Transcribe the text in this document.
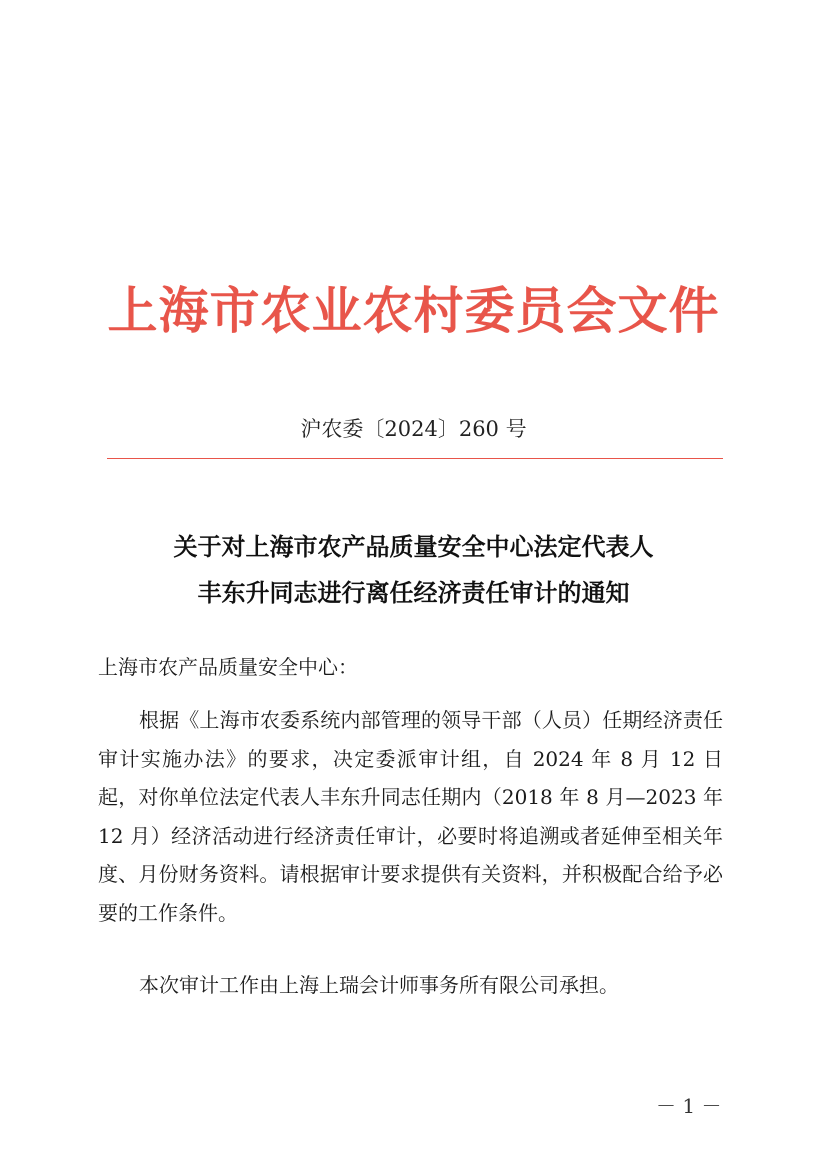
上海市农业农村委员会文件
沪农委〔2024〕260 号
关于对上海市农产品质量安全中心法定代表人
丰东升同志进行离任经济责任审计的通知
上海市农产品质量安全中心：
根据《上海市农委系统内部管理的领导干部（人员）任期经济责任审计实施办法》的要求，决定委派审计组，自 2024 年 8 月 12 日起，对你单位法定代表人丰东升同志任期内（2018 年 8 月—2023 年 12 月）经济活动进行经济责任审计，必要时将追溯或者延伸至相关年度、月份财务资料。请根据审计要求提供有关资料，并积极配合给予必要的工作条件。
本次审计工作由上海上瑞会计师事务所有限公司承担。
－ 1 －
